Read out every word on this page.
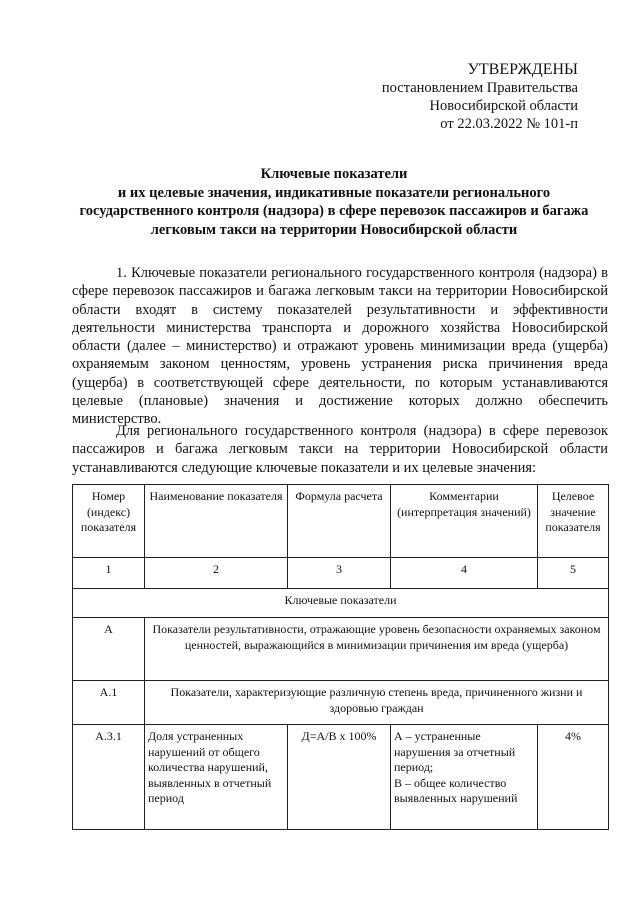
УТВЕРЖДЕНЫ
постановлением Правительства
Новосибирской области
от 22.03.2022 № 101-п
Ключевые показатели
и их целевые значения, индикативные показатели регионального
государственного контроля (надзора) в сфере перевозок пассажиров и багажа
легковым такси на территории Новосибирской области

1. Ключевые показатели регионального государственного контроля (надзора) в сфере перевозок пассажиров и багажа легковым такси на территории Новосибирской области входят в систему показателей результативности и эффективности деятельности министерства транспорта и дорожного хозяйства Новосибирской области (далее – министерство) и отражают уровень минимизации вреда (ущерба) охраняемым законом ценностям, уровень устранения риска причинения вреда (ущерба) в соответствующей сфере деятельности, по которым устанавливаются целевые (плановые) значения и достижение которых должно обеспечить министерство.

Для регионального государственного контроля (надзора) в сфере перевозок пассажиров и багажа легковым такси на территории Новосибирской области устанавливаются следующие ключевые показатели и их целевые значения:

Номер (индекс) показателя	Наименование показателя	Формула расчета	Комментарии (интерпретация значений)	Целевое значение показателя
1	2	3	4	5
Ключевые показатели				
А	Показатели результативности, отражающие уровень безопасности охраняемых законом ценностей, выражающийся в минимизации причинения им вреда (ущерба)			
А.1	Показатели, характеризующие различную степень вреда, причиненного жизни и здоровью граждан			
А.3.1	Доля устраненных нарушений от общего количества нарушений, выявленных в отчетный период	Д=А/В х 100%	А – устраненные нарушения за отчетный период;
В – общее количество выявленных нарушений	4%
